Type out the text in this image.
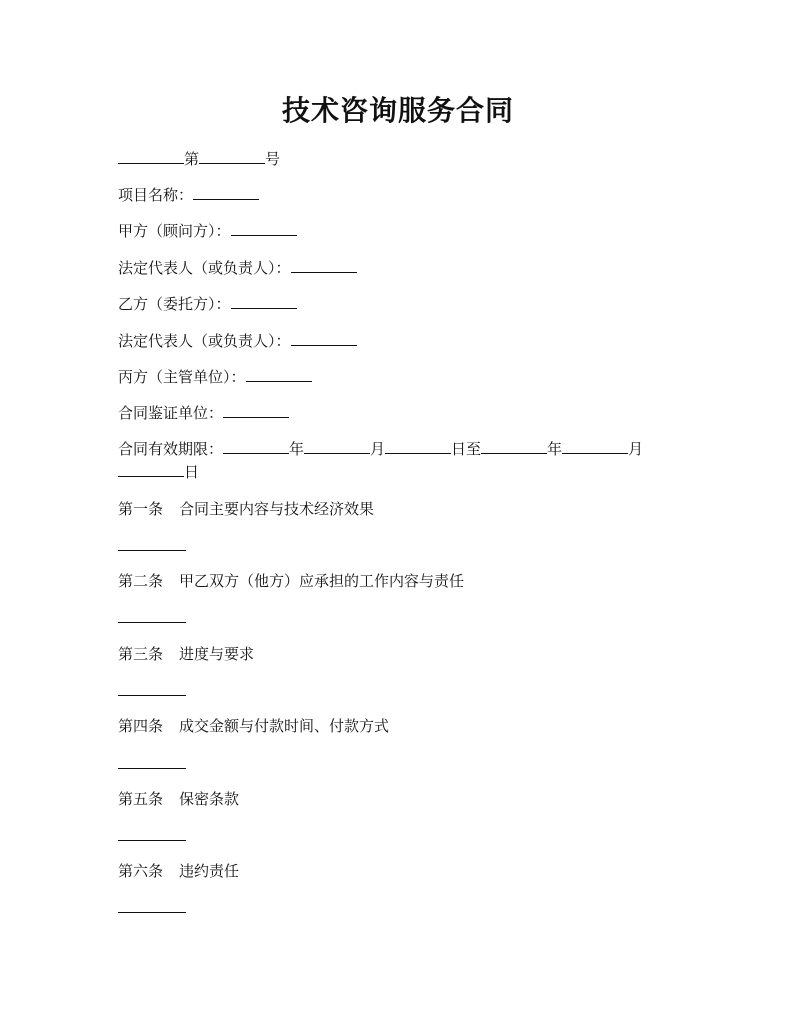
技术咨询服务合同
第	号
项目名称：
甲方（顾问方）：
法定代表人（或负责人）：
乙方（委托方）：
法定代表人（或负责人）：
丙方（主管单位）：
合同鉴证单位：
合同有效期限：	年	月	日至	年	月
日
第一条 合同主要内容与技术经济效果
第二条 甲乙双方（他方）应承担的工作内容与责任
第三条 进度与要求
第四条 成交金额与付款时间、付款方式
第五条 保密条款
第六条 违约责任
